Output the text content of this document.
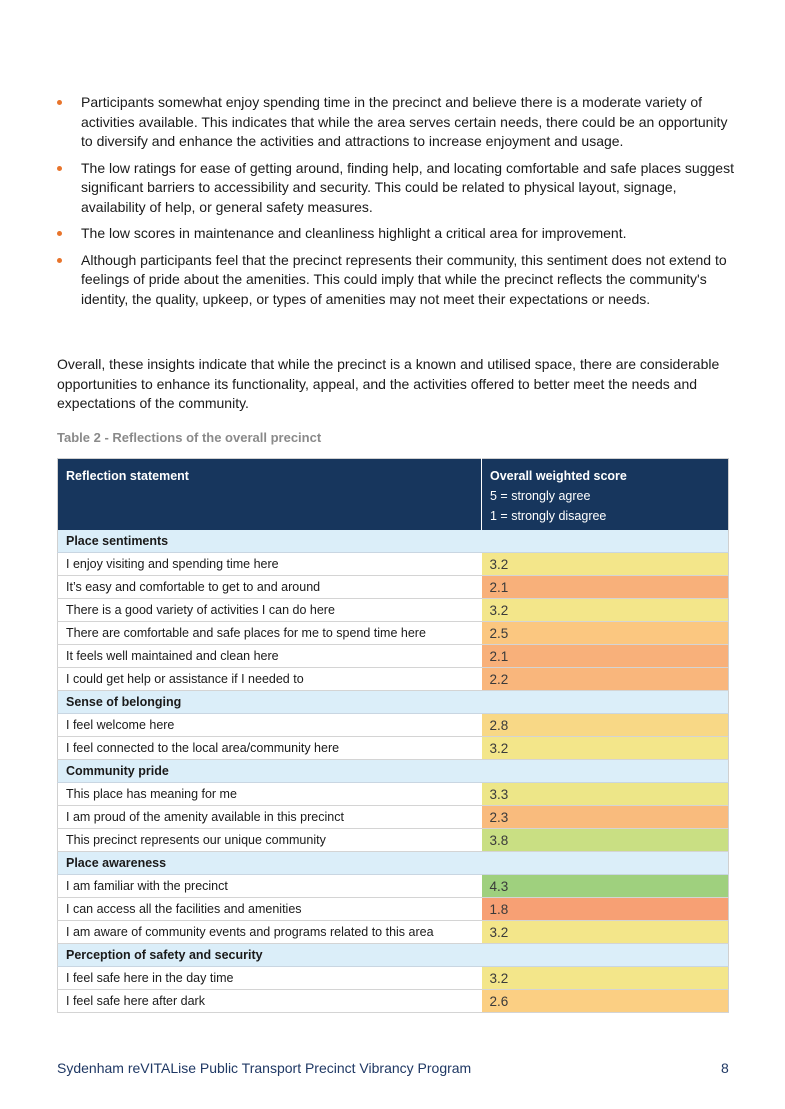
Participants somewhat enjoy spending time in the precinct and believe there is a moderate variety of activities available. This indicates that while the area serves certain needs, there could be an opportunity to diversify and enhance the activities and attractions to increase enjoyment and usage.
The low ratings for ease of getting around, finding help, and locating comfortable and safe places suggest significant barriers to accessibility and security. This could be related to physical layout, signage, availability of help, or general safety measures.
The low scores in maintenance and cleanliness highlight a critical area for improvement.
Although participants feel that the precinct represents their community, this sentiment does not extend to feelings of pride about the amenities. This could imply that while the precinct reflects the community's identity, the quality, upkeep, or types of amenities may not meet their expectations or needs.

Overall, these insights indicate that while the precinct is a known and utilised space, there are considerable opportunities to enhance its functionality, appeal, and the activities offered to better meet the needs and expectations of the community.

Table 2 - Reflections of the overall precinct

Reflection statement	Overall weighted score
5 = strongly agree
1 = strongly disagree

Place sentiments	
I enjoy visiting and spending time here	3.2
It’s easy and comfortable to get to and around	2.1
There is a good variety of activities I can do here	3.2
There are comfortable and safe places for me to spend time here	2.5
It feels well maintained and clean here	2.1
I could get help or assistance if I needed to	2.2
Sense of belonging	
I feel welcome here	2.8
I feel connected to the local area/community here	3.2
Community pride	
This place has meaning for me	3.3
I am proud of the amenity available in this precinct	2.3
This precinct represents our unique community	3.8
Place awareness	
I am familiar with the precinct	4.3
I can access all the facilities and amenities	1.8
I am aware of community events and programs related to this area	3.2
Perception of safety and security	
I feel safe here in the day time	3.2
I feel safe here after dark	2.6
Sydenham reVITALise Public Transport Precinct Vibrancy Program	8
